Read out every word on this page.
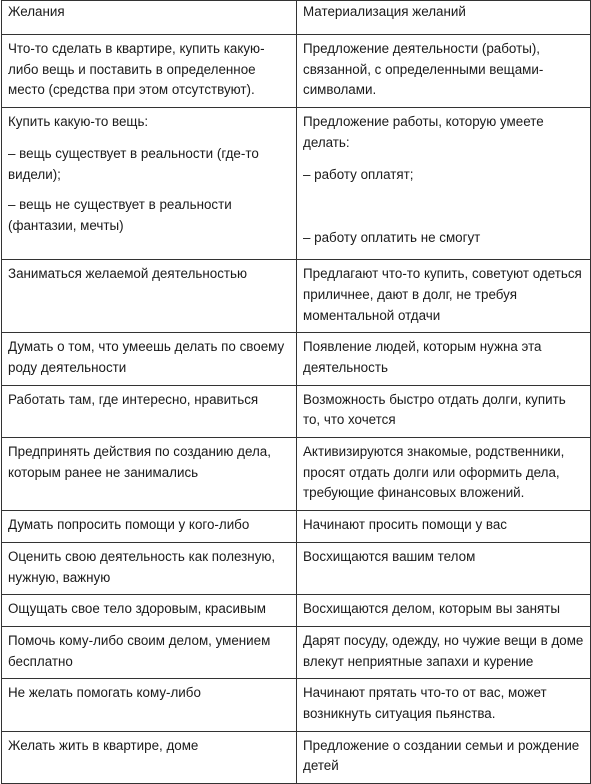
Желания	Материализация желаний
Что-то сделать в квартире, купить какую-либо вещь и поставить в определенное место (средства при этом отсутствуют).	Предложение деятельности (работы), связанной, с определенными вещами-символами.

Купить какую-то вещь:
– вещь существует в реальности (где-то видели);
– вещь не существует в реальности (фантазии, мечты)	Предложение работы, которую умеете делать:
– работу оплатят;
– работу оплатить не смогут

Заниматься желаемой деятельностью	Предлагают что-то купить, советуют одеться приличнее, дают в долг, не требуя моментальной отдачи
Думать о том, что умеешь делать по своему роду деятельности	Появление людей, которым нужна эта деятельность
Работать там, где интересно, нравиться	Возможность быстро отдать долги, купить то, что хочется
Предпринять действия по созданию дела, которым ранее не занимались	Активизируются знакомые, родственники, просят отдать долги или оформить дела, требующие финансовых вложений.
Думать попросить помощи у кого-либо	Начинают просить помощи у вас
Оценить свою деятельность как полезную, нужную, важную	Восхищаются вашим телом
Ощущать свое тело здоровым, красивым	Восхищаются делом, которым вы заняты
Помочь кому-либо своим делом, умением бесплатно	Дарят посуду, одежду, но чужие вещи в доме влекут неприятные запахи и курение
Не желать помогать кому-либо	Начинают прятать что-то от вас, может возникнуть ситуация пьянства.
Желать жить в квартире, доме	Предложение о создании семьи и рождение детей
